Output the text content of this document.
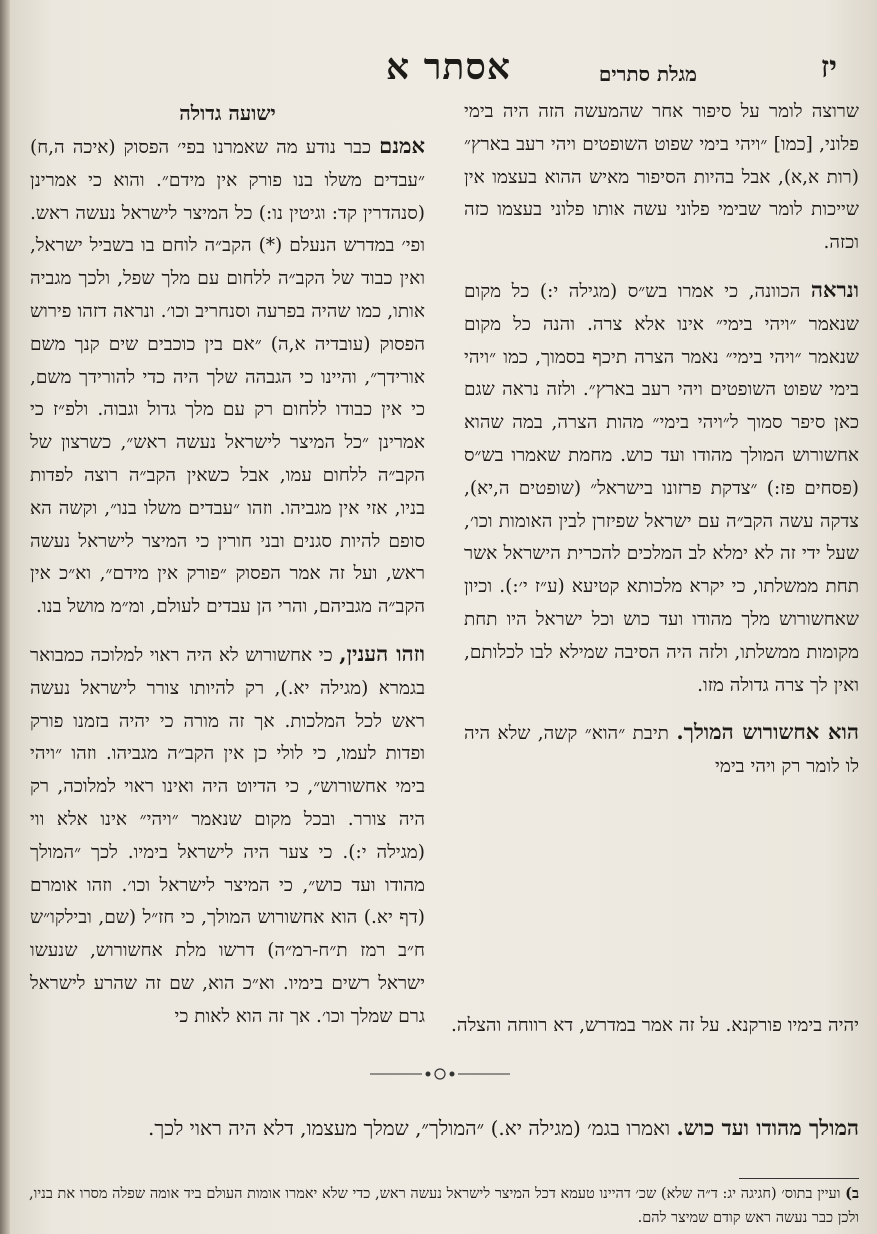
יז
מגלת סתרים
אסתר א
שרוצה לומר על סיפור אחר שהמעשה הזה היה בימי פלוני, [כמו] ״ויהי בימי שפוט השופטים ויהי רעב בארץ״ (רות א,א), אבל בהיות הסיפור מאיש ההוא בעצמו אין שייכות לומר שבימי פלוני עשה אותו פלוני בעצמו כזה וכזה.
ונראה הכוונה, כי אמרו בש״ס (מגילה י:) כל מקום שנאמר ״ויהי בימי״ אינו אלא צרה. והנה כל מקום שנאמר ״ויהי בימי״ נאמר הצרה תיכף בסמוך, כמו ״ויהי בימי שפוט השופטים ויהי רעב בארץ״. ולזה נראה שגם כאן סיפר סמוך ל״ויהי בימי״ מהות הצרה, במה שהוא אחשורוש המולך מהודו ועד כוש. מחמת שאמרו בש״ס (פסחים פז:) ״צדקת פרזונו בישראל״ (שופטים ה,יא), צדקה עשה הקב״ה עם ישראל שפיזרן לבין האומות וכו׳, שעל ידי זה לא ימלא לב המלכים להכרית הישראל אשר תחת ממשלתו, כי יקרא מלכותא קטיעא (ע״ז י׳:). וכיון שאחשורוש מלך מהודו ועד כוש וכל ישראל היו תחת מקומות ממשלתו, ולזה היה הסיבה שמילא לבו לכלותם, ואין לך צרה גדולה מזו.
הוא אחשורוש המולך. תיבת ״הוא״ קשה, שלא היה לו לומר רק ויהי בימי
ישועה גדולה
אמנם כבר נודע מה שאמרנו בפי׳ הפסוק (איכה ה,ח) ״עבדים משלו בנו פורק אין מידם״. והוא כי אמרינן (סנהדרין קד: וגיטין נו:) כל המיצר לישראל נעשה ראש. ופי׳ במדרש הנעלם (*) הקב״ה לוחם בו בשביל ישראל, ואין כבוד של הקב״ה ללחום עם מלך שפל, ולכך מגביה אותו, כמו שהיה בפרעה וסנחריב וכו׳. ונראה דזהו פירוש הפסוק (עובדיה א,ה) ״אם בין כוכבים שים קנך משם אורידך״, והיינו כי הגבהה שלך היה כדי להורידך משם, כי אין כבודו ללחום רק עם מלך גדול וגבוה. ולפ״ז כי אמרינן ״כל המיצר לישראל נעשה ראש״, כשרצון של הקב״ה ללחום עמו, אבל כשאין הקב״ה רוצה לפדות בניו, אזי אין מגביהו. וזהו ״עבדים משלו בנו״, וקשה הא סופם להיות סגנים ובני חורין כי המיצר לישראל נעשה ראש, ועל זה אמר הפסוק ״פורק אין מידם״, וא״כ אין הקב״ה מגביהם, והרי הן עבדים לעולם, ומ״מ מושל בנו.
וזהו הענין, כי אחשורוש לא היה ראוי למלוכה כמבואר בגמרא (מגילה יא.), רק להיותו צורר לישראל נעשה ראש לכל המלכות. אך זה מורה כי יהיה בזמנו פורק ופדות לעמו, כי לולי כן אין הקב״ה מגביהו. וזהו ״ויהי בימי אחשורוש״, כי הדיוט היה ואינו ראוי למלוכה, רק היה צורר. ובכל מקום שנאמר ״ויהי״ אינו אלא ווי (מגילה י:). כי צער היה לישראל בימיו. לכך ״המולך מהודו ועד כוש״, כי המיצר לישראל וכו׳. וזהו אומרם (דף יא.) הוא אחשורוש המולך, כי חז״ל (שם, ובילקו״ש ח״ב רמז ת״ח-רמ״ה) דרשו מלת אחשורוש, שנעשו ישראל רשים בימיו. וא״כ הוא, שם זה שהרע לישראל גרם שמלך וכו׳. אך זה הוא לאות כי	יהיה בימיו פורקנא. על זה אמר במדרש, דא רווחה והצלה.
המולך מהודו ועד כוש. ואמרו בגמ׳ (מגילה יא.) ״המולך״, שמלך מעצמו, דלא היה ראוי לכך.
ב) ועיין בתוס׳ (חגיגה יג: ד״ה שלא) שכ׳ דהיינו טעמא דכל המיצר לישראל נעשה ראש, כדי שלא יאמרו אומות העולם ביד אומה שפלה מסרו את בניו, ולכן כבר נעשה ראש קודם שמיצר להם.
